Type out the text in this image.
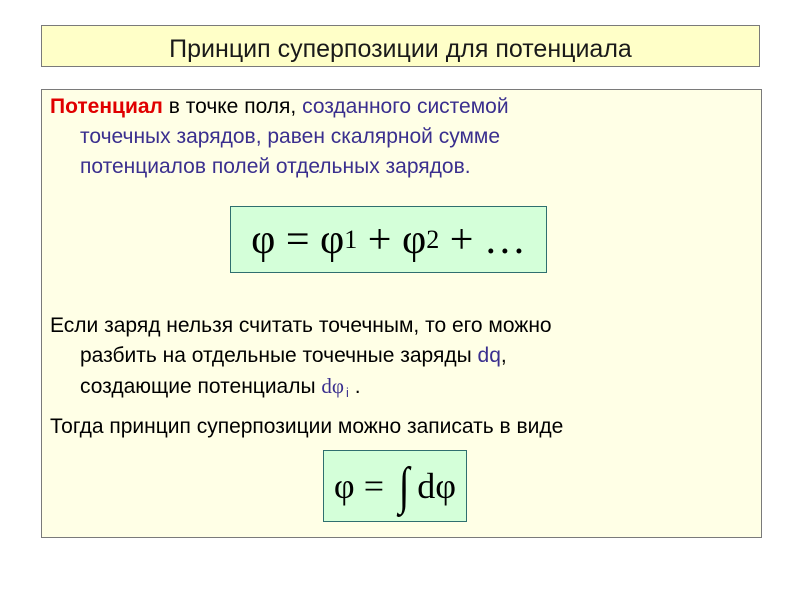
Принцип суперпозиции для потенциала
Потенциал в точке поля, созданного системой
точечных зарядов, равен скалярной сумме
потенциалов полей отдельных зарядов.
φ = φ 1 + φ 2 + …
Если заряд нельзя считать точечным, то его можно
разбить на отдельные точечные заряды dq,
создающие потенциалы dφ $_i$ .
Тогда принцип суперпозиции можно записать в виде
φ = ∫ dφ
